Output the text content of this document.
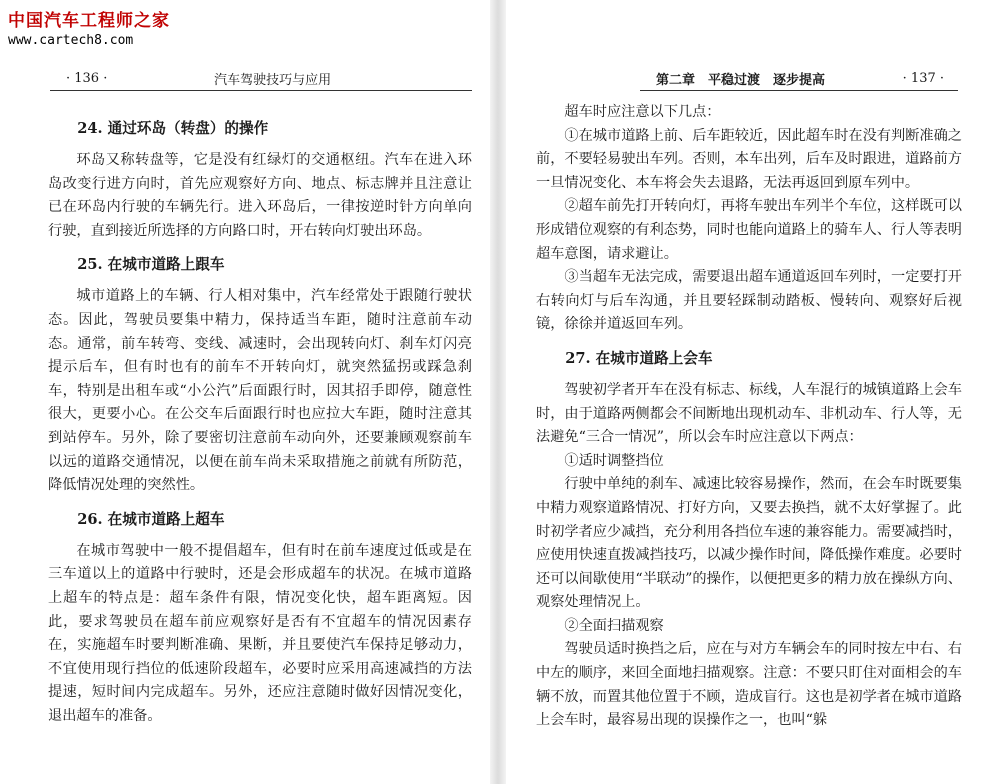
中国汽车工程师之家
www.cartech8.com
· 136 ·	汽车驾驶技巧与应用
24. 通过环岛（转盘）的操作

环岛又称转盘等，它是没有红绿灯的交通枢纽。汽车在进入环岛改变行进方向时，首先应观察好方向、地点、标志牌并且注意让已在环岛内行驶的车辆先行。进入环岛后，一律按逆时针方向单向行驶，直到接近所选择的方向路口时，开右转向灯驶出环岛。

25. 在城市道路上跟车

城市道路上的车辆、行人相对集中，汽车经常处于跟随行驶状态。因此，驾驶员要集中精力，保持适当车距，随时注意前车动态。通常，前车转弯、变线、减速时，会出现转向灯、刹车灯闪亮提示后车，但有时也有的前车不开转向灯，就突然猛拐或踩急刹车，特别是出租车或“小公汽”后面跟行时，因其招手即停，随意性很大，更要小心。在公交车后面跟行时也应拉大车距，随时注意其到站停车。另外，除了要密切注意前车动向外，还要兼顾观察前车以远的道路交通情况，以便在前车尚未采取措施之前就有所防范，降低情况处理的突然性。

26. 在城市道路上超车

在城市驾驶中一般不提倡超车，但有时在前车速度过低或是在三车道以上的道路中行驶时，还是会形成超车的状况。在城市道路上超车的特点是：超车条件有限，情况变化快，超车距离短。因此，要求驾驶员在超车前应观察好是否有不宜超车的情况因素存在，实施超车时要判断准确、果断，并且要使汽车保持足够动力，不宜使用现行挡位的低速阶段超车，必要时应采用高速减挡的方法提速，短时间内完成超车。另外，还应注意随时做好因情况变化，退出超车的准备。

第二章　平稳过渡　逐步提高	· 137 ·

超车时应注意以下几点：

①在城市道路上前、后车距较近，因此超车时在没有判断准确之前，不要轻易驶出车列。否则，本车出列，后车及时跟进，道路前方一旦情况变化、本车将会失去退路，无法再返回到原车列中。

②超车前先打开转向灯，再将车驶出车列半个车位，这样既可以形成错位观察的有利态势，同时也能向道路上的骑车人、行人等表明超车意图，请求避让。

③当超车无法完成，需要退出超车通道返回车列时，一定要打开右转向灯与后车沟通，并且要轻踩制动踏板、慢转向、观察好后视镜，徐徐并道返回车列。

27. 在城市道路上会车

驾驶初学者开车在没有标志、标线，人车混行的城镇道路上会车时，由于道路两侧都会不间断地出现机动车、非机动车、行人等，无法避免“三合一情况”，所以会车时应注意以下两点：

①适时调整挡位

行驶中单纯的刹车、减速比较容易操作，然而，在会车时既要集中精力观察道路情况、打好方向，又要去换挡，就不太好掌握了。此时初学者应少减挡，充分利用各挡位车速的兼容能力。需要减挡时，应使用快速直拨减挡技巧，以减少操作时间，降低操作难度。必要时还可以间歇使用“半联动”的操作，以便把更多的精力放在操纵方向、观察处理情况上。

②全面扫描观察

驾驶员适时换挡之后，应在与对方车辆会车的同时按左中右、右中左的顺序，来回全面地扫描观察。注意：不要只盯住对面相会的车辆不放，而置其他位置于不顾，造成盲行。这也是初学者在城市道路上会车时，最容易出现的误操作之一，也叫“躲
